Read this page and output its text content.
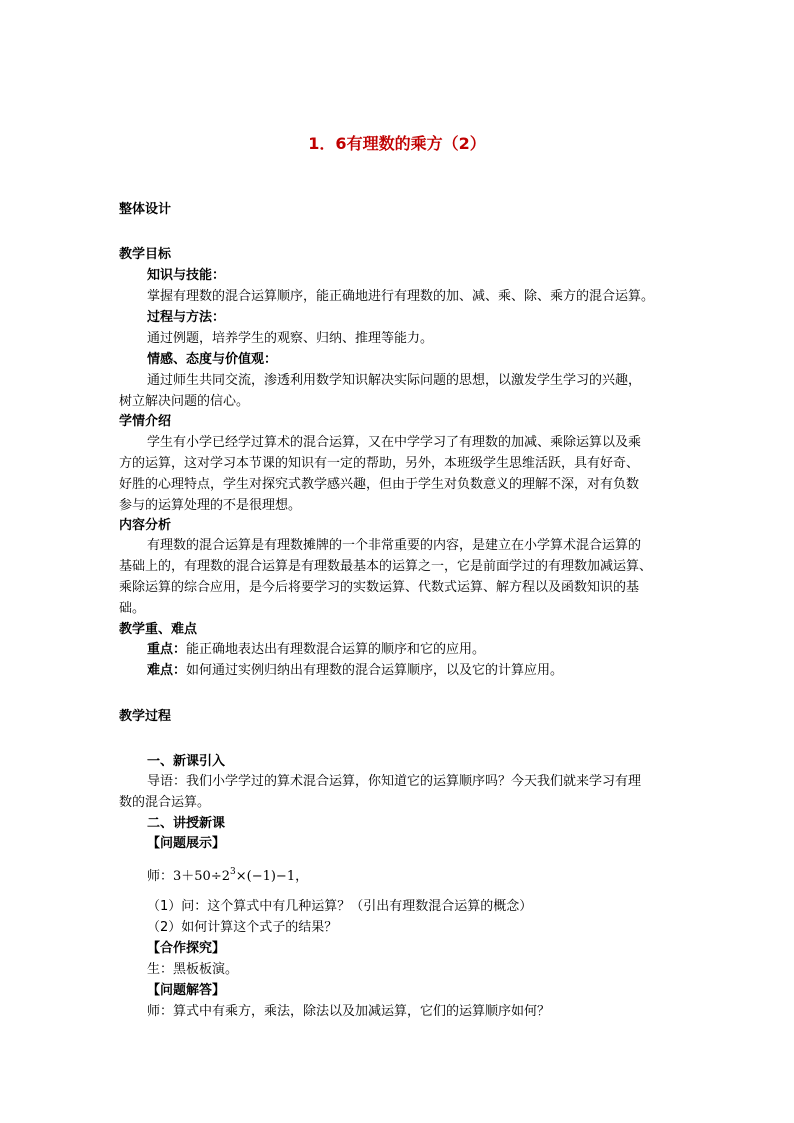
1．6有理数的乘方（2）
整体设计
教学目标
知识与技能：
掌握有理数的混合运算顺序，能正确地进行有理数的加、减、乘、除、乘方的混合运算。
过程与方法：
通过例题，培养学生的观察、归纳、推理等能力。
情感、态度与价值观：
通过师生共同交流，渗透利用数学知识解决实际问题的思想，以激发学生学习的兴趣，
树立解决问题的信心。
学情介绍
学生有小学已经学过算术的混合运算，又在中学学习了有理数的加减、乘除运算以及乘
方的运算，这对学习本节课的知识有一定的帮助，另外，本班级学生思维活跃，具有好奇、
好胜的心理特点，学生对探究式教学感兴趣，但由于学生对负数意义的理解不深，对有负数
参与的运算处理的不是很理想。
内容分析
有理数的混合运算是有理数摊牌的一个非常重要的内容，是建立在小学算术混合运算的
基础上的，有理数的混合运算是有理数最基本的运算之一，它是前面学过的有理数加减运算、
乘除运算的综合应用，是今后将要学习的实数运算、代数式运算、解方程以及函数知识的基
础。
教学重、难点
重点：能正确地表达出有理数混合运算的顺序和它的应用。
难点：如何通过实例归纳出有理数的混合运算顺序，以及它的计算应用。
教学过程
一、新课引入
导语：我们小学学过的算术混合运算，你知道它的运算顺序吗？今天我们就来学习有理
数的混合运算。
二、讲授新课
【问题展示】
师：$3+50\div 2^3\times(-1)-1$，
（1）问：这个算式中有几种运算？（引出有理数混合运算的概念）
（2）如何计算这个式子的结果？
【合作探究】
生：黑板板演。
【问题解答】
师：算式中有乘方，乘法，除法以及加减运算，它们的运算顺序如何？
